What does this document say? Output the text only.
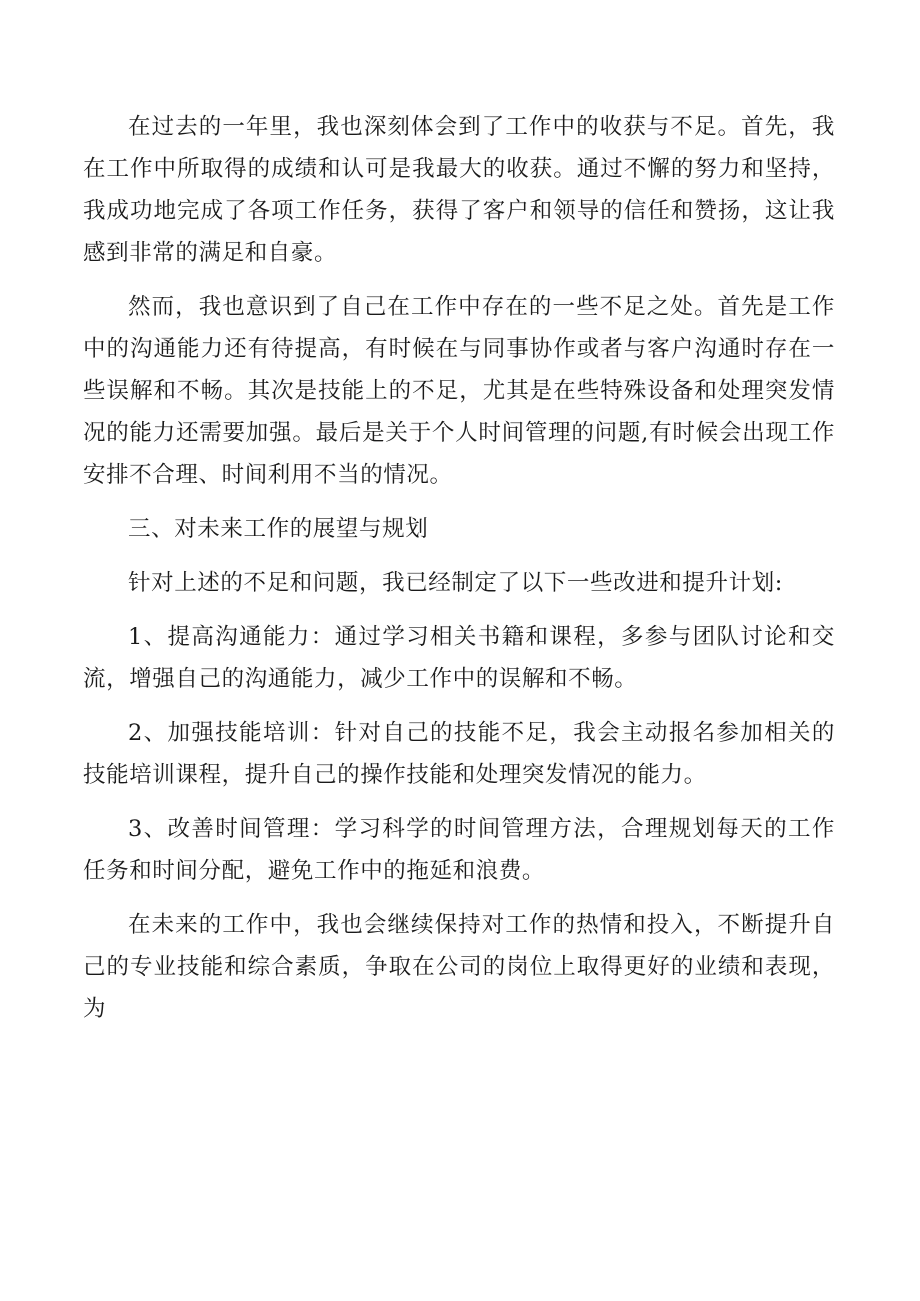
在过去的一年里，我也深刻体会到了工作中的收获与不足。首先，我在工作中所取得的成绩和认可是我最大的收获。通过不懈的努力和坚持，我成功地完成了各项工作任务，获得了客户和领导的信任和赞扬，这让我感到非常的满足和自豪。

然而，我也意识到了自己在工作中存在的一些不足之处。首先是工作中的沟通能力还有待提高，有时候在与同事协作或者与客户沟通时存在一些误解和不畅。其次是技能上的不足，尤其是在些特殊设备和处理突发情况的能力还需要加强。最后是关于个人时间管理的问题,有时候会出现工作安排不合理、时间利用不当的情况。

三、对未来工作的展望与规划

针对上述的不足和问题，我已经制定了以下一些改进和提升计划:

1、提高沟通能力：通过学习相关书籍和课程，多参与团队讨论和交流，增强自己的沟通能力，减少工作中的误解和不畅。

2、加强技能培训：针对自己的技能不足，我会主动报名参加相关的技能培训课程，提升自己的操作技能和处理突发情况的能力。

3、改善时间管理：学习科学的时间管理方法，合理规划每天的工作任务和时间分配，避免工作中的拖延和浪费。

在未来的工作中，我也会继续保持对工作的热情和投入，不断提升自己的专业技能和综合素质，争取在公司的岗位上取得更好的业绩和表现，为
